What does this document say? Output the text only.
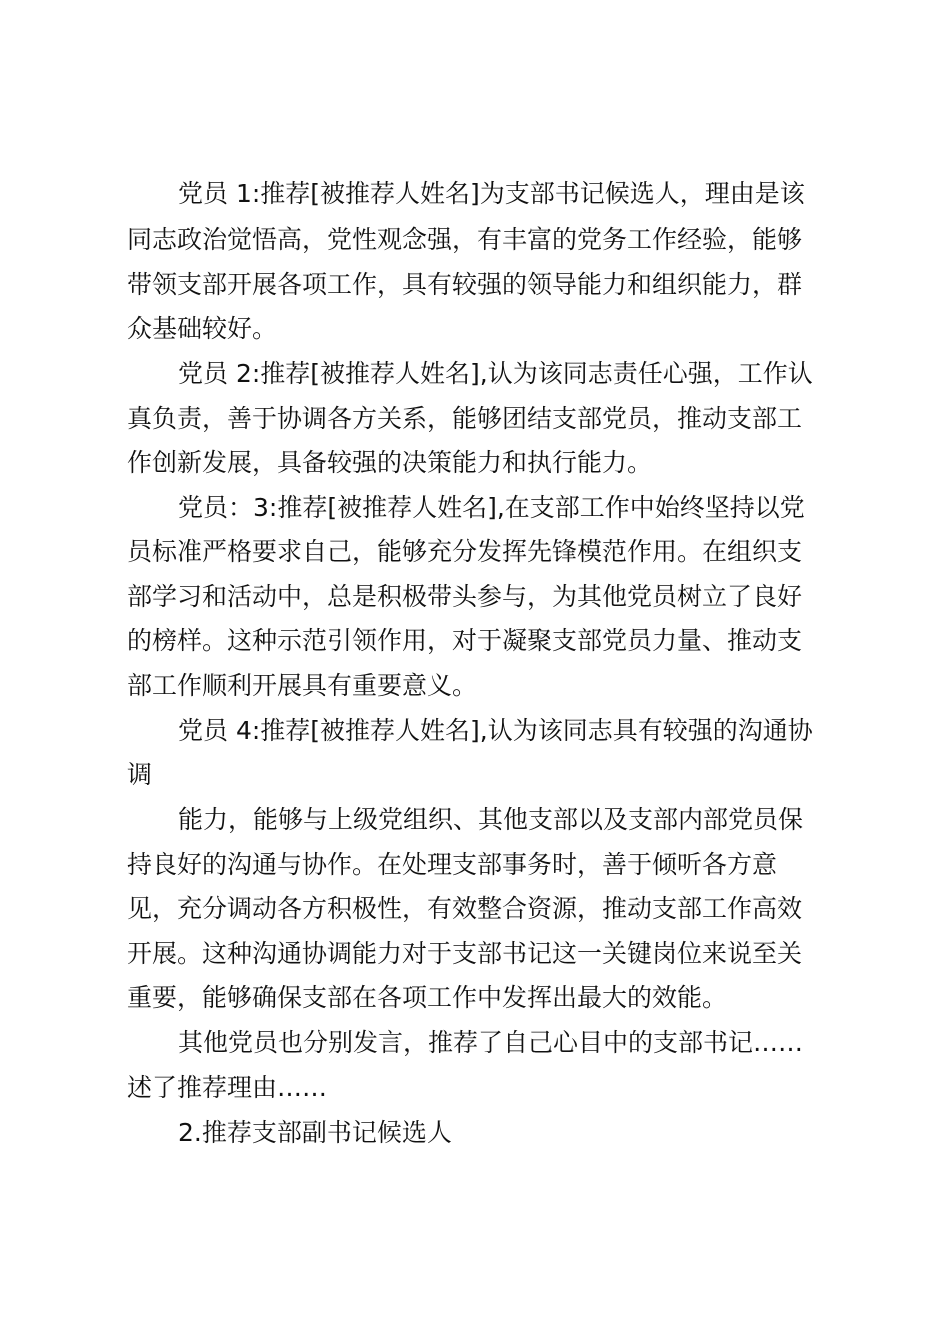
党员 1:推荐[被推荐人姓名]为支部书记候选人，理由是该
同志政治觉悟高，党性观念强，有丰富的党务工作经验，能够
带领支部开展各项工作，具有较强的领导能力和组织能力，群
众基础较好。
党员 2:推荐[被推荐人姓名],认为该同志责任心强，工作认
真负责，善于协调各方关系，能够团结支部党员，推动支部工
作创新发展，具备较强的决策能力和执行能力。
党员：3:推荐[被推荐人姓名],在支部工作中始终坚持以党
员标准严格要求自己，能够充分发挥先锋模范作用。在组织支
部学习和活动中，总是积极带头参与，为其他党员树立了良好
的榜样。这种示范引领作用，对于凝聚支部党员力量、推动支
部工作顺利开展具有重要意义。
党员 4:推荐[被推荐人姓名],认为该同志具有较强的沟通协
调
能力，能够与上级党组织、其他支部以及支部内部党员保
持良好的沟通与协作。在处理支部事务时，善于倾听各方意
见，充分调动各方积极性，有效整合资源，推动支部工作高效
开展。这种沟通协调能力对于支部书记这一关键岗位来说至关
重要，能够确保支部在各项工作中发挥出最大的效能。
其他党员也分别发言，推荐了自己心目中的支部书记……
述了推荐理由……
2.推荐支部副书记候选人
